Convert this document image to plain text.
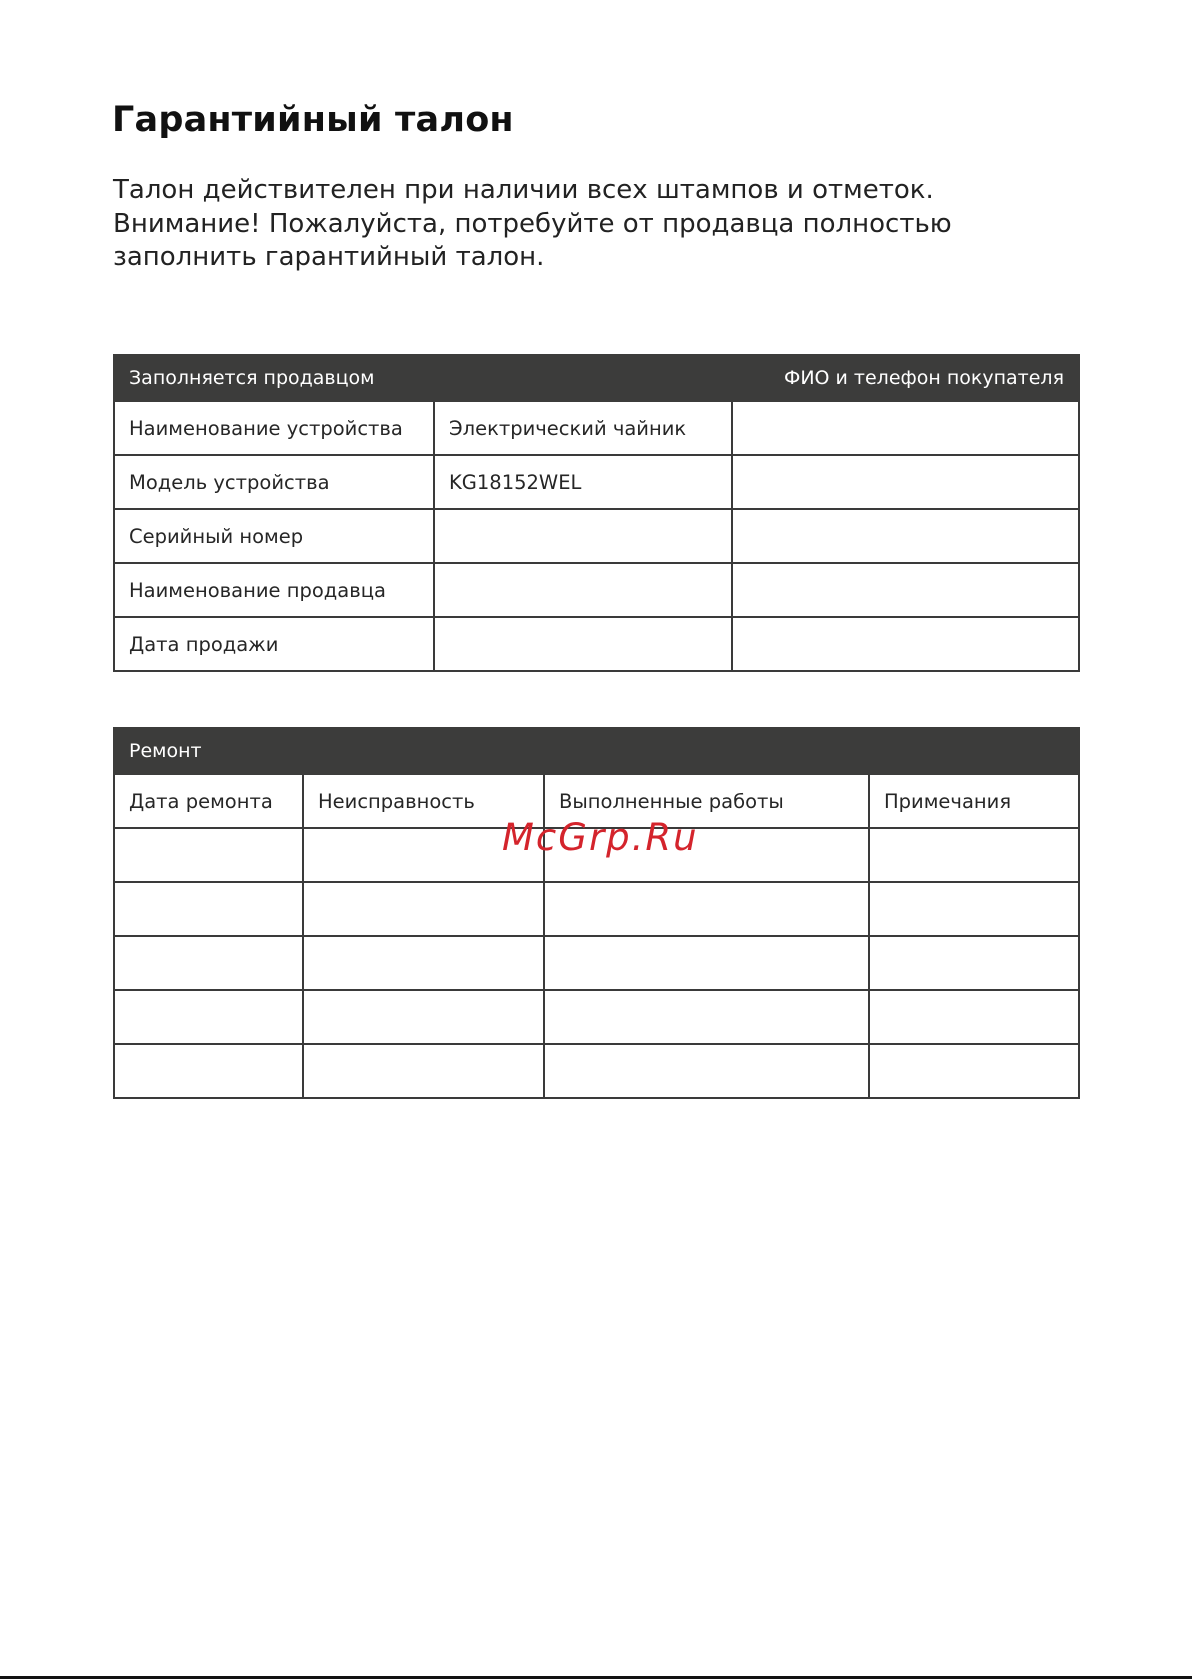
Гарантийный талон
Талон действителен при наличии всех штампов и отметок.
Внимание! Пожалуйста, потребуйте от продавца полностью
заполнить гарантийный талон.
Заполняется продавцом		ФИО и телефон покупателя
Наименование устройства	Электрический чайник	
Модель устройства	KG18152WEL	
Серийный номер		
Наименование продавца		
Дата продажи		
Ремонт			
Дата ремонта	Неисправность	Выполненные работы	Примечания

McGrp.Ru
